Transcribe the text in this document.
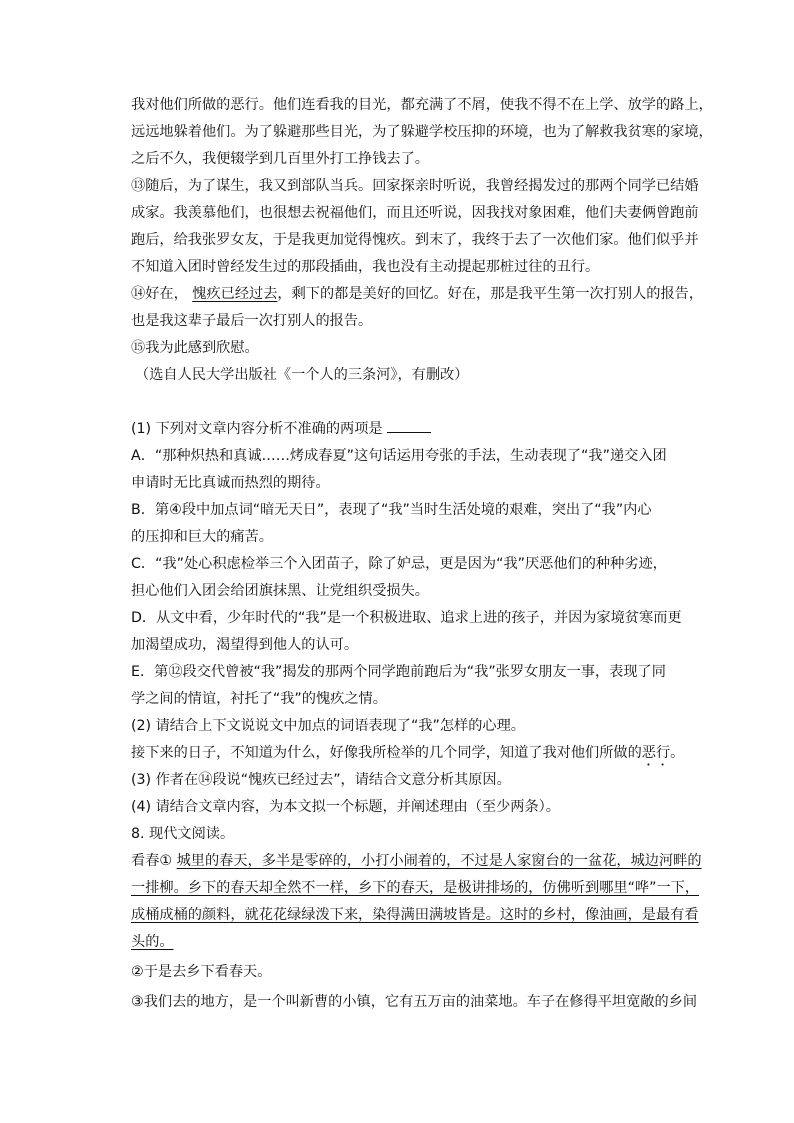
我对他们所做的恶行。他们连看我的目光，都充满了不屑，使我不得不在上学、放学的路上，
远远地躲着他们。为了躲避那些目光，为了躲避学校压抑的环境，也为了解救我贫寒的家境，
之后不久，我便辍学到几百里外打工挣钱去了。
⑬随后，为了谋生，我又到部队当兵。回家探亲时听说，我曾经揭发过的那两个同学已结婚
成家。我羡慕他们，也很想去祝福他们，而且还听说，因我找对象困难，他们夫妻俩曾跑前
跑后，给我张罗女友，于是我更加觉得愧疚。到末了，我终于去了一次他们家。他们似乎并
不知道入团时曾经发生过的那段插曲，我也没有主动提起那桩过往的丑行。
⑭好在， 愧疚已经过去，剩下的都是美好的回忆。好在，那是我平生第一次打别人的报告，
也是我这辈子最后一次打别人的报告。
⑮我为此感到欣慰。
（选自人民大学出版社《一个人的三条河》，有删改）
(1) 下列对文章内容分析不准确的两项是
A．“那种炽热和真诚……烤成春夏”这句话运用夸张的手法，生动表现了“我”递交入团
申请时无比真诚而热烈的期待。
B．第④段中加点词“暗无天日”，表现了“我”当时生活处境的艰难，突出了“我”内心
的压抑和巨大的痛苦。
C．“我”处心积虑检举三个入团苗子，除了妒忌，更是因为“我”厌恶他们的种种劣迹，
担心他们入团会给团旗抹黑、让党组织受损失。
D．从文中看，少年时代的“我”是一个积极进取、追求上进的孩子，并因为家境贫寒而更
加渴望成功，渴望得到他人的认可。
E．第⑫段交代曾被“我”揭发的那两个同学跑前跑后为“我”张罗女朋友一事，表现了同
学之间的情谊，衬托了“我”的愧疚之情。
(2) 请结合上下文说说文中加点的词语表现了“我”怎样的心理。
接下来的日子，不知道为什么，好像我所检举的几个同学，知道了我对他们所做的恶行。
(3) 作者在⑭段说“愧疚已经过去”，请结合文意分析其原因。
(4) 请结合文章内容，为本文拟一个标题，并阐述理由（至少两条）。
8. 现代文阅读。
看春① 城里的春天，多半是零碎的，小打小闹着的，不过是人家窗台的一盆花，城边河畔的
一排柳。乡下的春天却全然不一样，乡下的春天，是极讲排场的，仿佛听到哪里“哗”一下，
成桶成桶的颜料，就花花绿绿泼下来，染得满田满坡皆是。这时的乡村，像油画，是最有看
头的。
②于是去乡下看春天。
③我们去的地方，是一个叫新曹的小镇，它有五万亩的油菜地。车子在修得平坦宽敞的乡间
